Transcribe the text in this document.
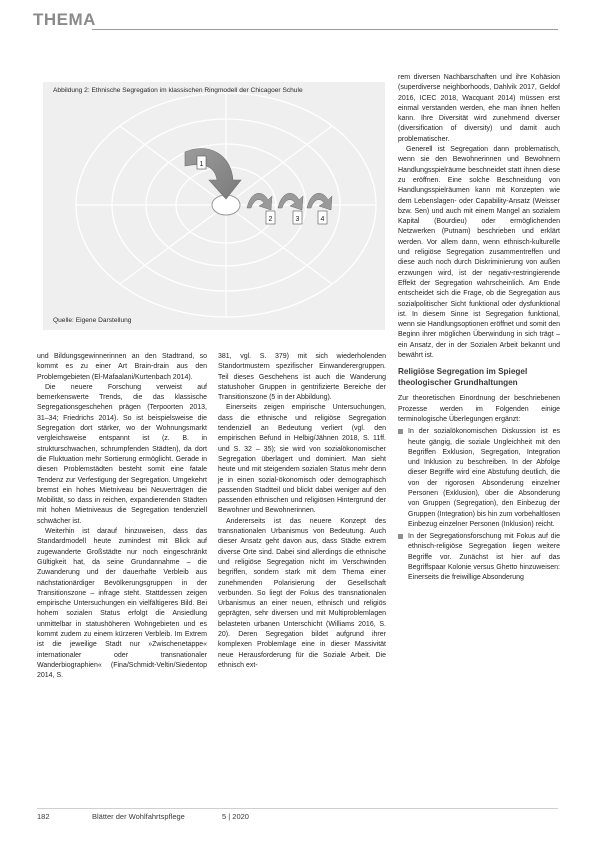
THEMA
1
2	3	4
Abbildung 2: Ethnische Segregation im klassischen Ringmodell der Chicagoer Schule
Quelle: Eigene Darstellung

und Bildungsgewinnerinnen an den Stadtrand, so kommt es zu einer Art Brain-drain aus den Problemgebieten (El-Mafaalani/Kurtenbach 2014).

Die neuere Forschung verweist auf bemerkenswerte Trends, die das klassische Segregationsgeschehen prägen (Terpoorten 2013, 31–34; Friedrichs 2014). So ist beispielsweise die Segregation dort stärker, wo der Wohnungsmarkt vergleichsweise entspannt ist (z. B. in strukturschwachen, schrumpfenden Städten), da dort die Fluktuation mehr Sortierung ermöglicht. Gerade in diesen Problemstädten besteht somit eine fatale Tendenz zur Verfestigung der Segregation. Umgekehrt bremst ein hohes Mietniveau bei Neuverträgen die Mobilität, so dass in reichen, expandierenden Städten mit hohen Mietniveaus die Segregation tendenziell schwächer ist.

Weiterhin ist darauf hinzuweisen, dass das Standardmodell heute zumindest mit Blick auf zugewanderte Großstädte nur noch eingeschränkt Gültigkeit hat, da seine Grundannahme – die Zuwanderung und der dauerhafte Verbleib aus nächstationärdiger Bevölkerungsgruppen in der Transitionszone – infrage steht. Stattdessen zeigen empirische Untersuchungen ein vielfältigeres Bild. Bei hohem sozialen Status erfolgt die Ansiedlung unmittelbar in statushöheren Wohngebieten und es kommt zudem zu einem kürzeren Verbleib. Im Extrem ist die jeweilige Stadt nur »Zwischenetappe« internationaler oder transnationaler Wanderbiographien« (Fina/Schmidt-Veltin/Siedentop 2014, S.

381, vgl. S. 379) mit sich wiederholenden Standortmustern spezifischer Einwanderergruppen. Teil dieses Geschehens ist auch die Wanderung statushoher Gruppen in gentrifizierte Bereiche der Transitionszone (5 in der Abbildung).

Einerseits zeigen empirische Untersuchungen, dass die ethnische und religiöse Segregation tendenziell an Bedeutung verliert (vgl. den empirischen Befund in Helbig/Jähnen 2018, S. 11ff. und S. 32 – 35); sie wird von sozialökonomischer Segregation überlagert und dominiert. Man sieht heute und mit steigendem sozialen Status mehr denn je in einen sozial-ökonomisch oder demographisch passenden Stadtteil und blickt dabei weniger auf den passenden ethnischen und religiösen Hintergrund der Bewohner und Bewohnerinnen.

Andererseits ist das neuere Konzept des transnationalen Urbanismus von Bedeutung. Auch dieser Ansatz geht davon aus, dass Städte extrem diverse Orte sind. Dabei sind allerdings die ethnische und religiöse Segregation nicht im Verschwinden begriffen, sondern stark mit dem Thema einer zunehmenden Polarisierung der Gesellschaft verbunden. So liegt der Fokus des transnationalen Urbanismus an einer neuen, ethnisch und religiös geprägten, sehr diversen und mit Multiproblemlagen belasteten urbanen Unterschicht (Williams 2016, S. 20). Deren Segregation bildet aufgrund ihrer komplexen Problemlage eine in dieser Massivität neue Herausforderung für die Soziale Arbeit. Die ethnisch ext-

rem diversen Nachbarschaften und ihre Kohäsion (superdiverse neighborhoods, Dahlvik 2017, Geldof 2016, ICEC 2018, Wacquant 2014) müssen erst einmal verstanden werden, ehe man ihnen helfen kann. Ihre Diversität wird zunehmend diverser (diversification of diversity) und damit auch problematischer.

Generell ist Segregation dann problematisch, wenn sie den Bewohnerinnen und Bewohnern Handlungsspielräume beschneidet statt ihnen diese zu eröffnen. Eine solche Beschneidung von Handlungsspielräumen kann mit Konzepten wie dem Lebenslagen- oder Capability-Ansatz (Weisser bzw. Sen) und auch mit einem Mangel an sozialem Kapital (Bourdieu) oder ermöglichenden Netzwerken (Putnam) beschrieben und erklärt werden. Vor allem dann, wenn ethnisch-kulturelle und religiöse Segregation zusammentreffen und diese auch noch durch Diskriminierung von außen erzwungen wird, ist der negativ-restringierende Effekt der Segregation wahrscheinlich. Am Ende entscheidet sich die Frage, ob die Segregation aus sozialpolitischer Sicht funktional oder dysfunktional ist. In diesem Sinne ist Segregation funktional, wenn sie Handlungsoptionen eröffnet und somit den Beginn ihrer möglichen Überwindung in sich trägt – ein Ansatz, der in der Sozialen Arbeit bekannt und bewährt ist.

Religiöse Segregation im Spiegel theologischer Grundhaltungen

Zur theoretischen Einordnung der beschriebenen Prozesse werden im Folgenden einige terminologische Überlegungen ergänzt:

In der sozialökonomischen Diskussion ist es heute gängig, die soziale Ungleichheit mit den Begriffen Exklusion, Segregation, Integration und Inklusion zu beschreiben. In der Abfolge dieser Begriffe wird eine Abstufung deutlich, die von der rigorosen Absonderung einzelner Personen (Exklusion), über die Absonderung von Gruppen (Segregation), den Einbezug der Gruppen (Integration) bis hin zum vorbehaltlosen Einbezug einzelner Personen (Inklusion) reicht.
In der Segregationsforschung mit Fokus auf die ethnisch-religiöse Segregation liegen weitere Begriffe vor. Zunächst ist hier auf das Begriffspaar Kolonie versus Ghetto hinzuweisen: Einerseits die freiwillige Absonderung
182	Blätter der Wohlfahrtspflege	5 | 2020
